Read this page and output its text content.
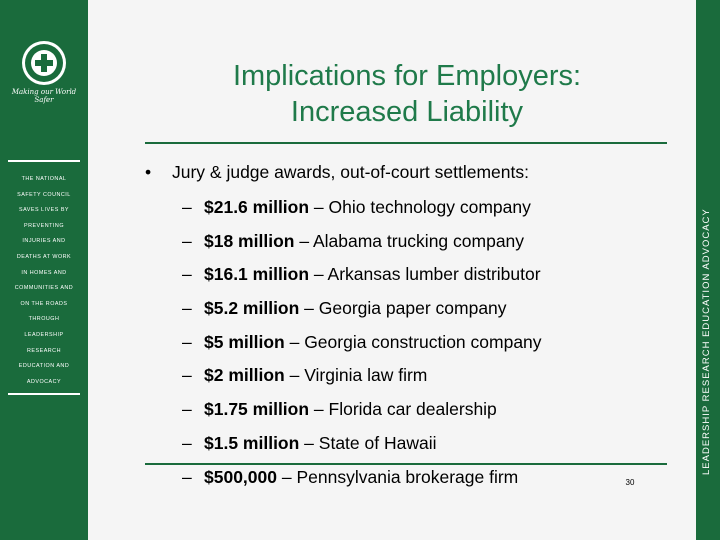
Making our World Safer
THE NATIONAL
SAFETY COUNCIL
SAVES LIVES BY
PREVENTING
INJURIES AND
DEATHS AT WORK
IN HOMES AND
COMMUNITIES AND
ON THE ROADS
THROUGH
LEADERSHIP
RESEARCH
EDUCATION AND
ADVOCACY	LEADERSHIP RESEARCH EDUCATION ADVOCACY
Implications for Employers:
Increased Liability
• Jury & judge awards, out-of-court settlements:
– $21.6 million – Ohio technology company
– $18 million – Alabama trucking company
– $16.1 million – Arkansas lumber distributor
– $5.2 million – Georgia paper company
– $5 million – Georgia construction company
– $2 million – Virginia law firm
– $1.75 million – Florida car dealership
– $1.5 million – State of Hawaii
– $500,000 – Pennsylvania brokerage firm	30
